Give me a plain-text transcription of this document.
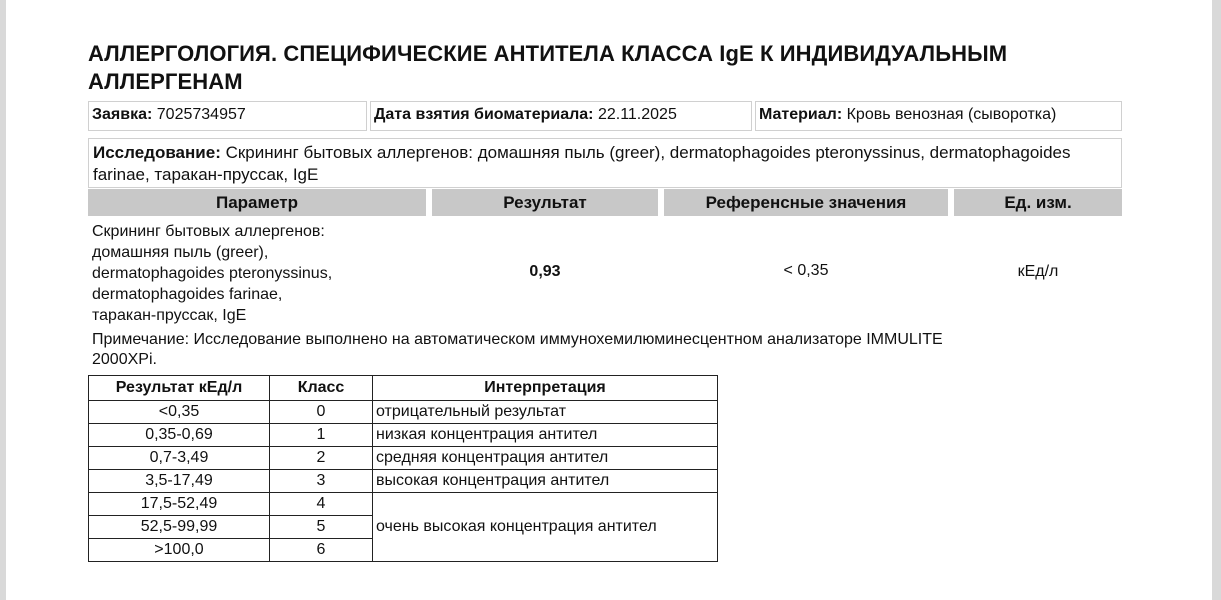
АЛЛЕРГОЛОГИЯ. СПЕЦИФИЧЕСКИЕ АНТИТЕЛА КЛАССА IgE К ИНДИВИДУАЛЬНЫМ
АЛЛЕРГЕНАМ
Заявка: 7025734957	Дата взятия биоматериала: 22.11.2025	Материал: Кровь венозная (сыворотка)
Исследование: Скрининг бытовых аллергенов: домашняя пыль (greer), dermatophagoides pteronyssinus, dermatophagoides farinae, таракан-пруссак, IgE
Параметр	Результат	Референсные значения	Ед. изм.
Скрининг бытовых аллергенов:
домашняя пыль (greer),
dermatophagoides pteronyssinus,
dermatophagoides farinae,
таракан-пруссак, IgE
0,93	< 0,35	кЕд/л
Примечание: Исследование выполнено на автоматическом иммунохемилюминесцентном анализаторе IMMULITE
2000XPi.
Результат кЕд/л	Класс	Интерпретация
<0,35	0	отрицательный результат
0,35-0,69	1	низкая концентрация антител
0,7-3,49	2	средняя концентрация антител
3,5-17,49	3	высокая концентрация антител
17,5-52,49	4	очень высокая концентрация антител
52,5-99,99	5	
>100,0	6	
